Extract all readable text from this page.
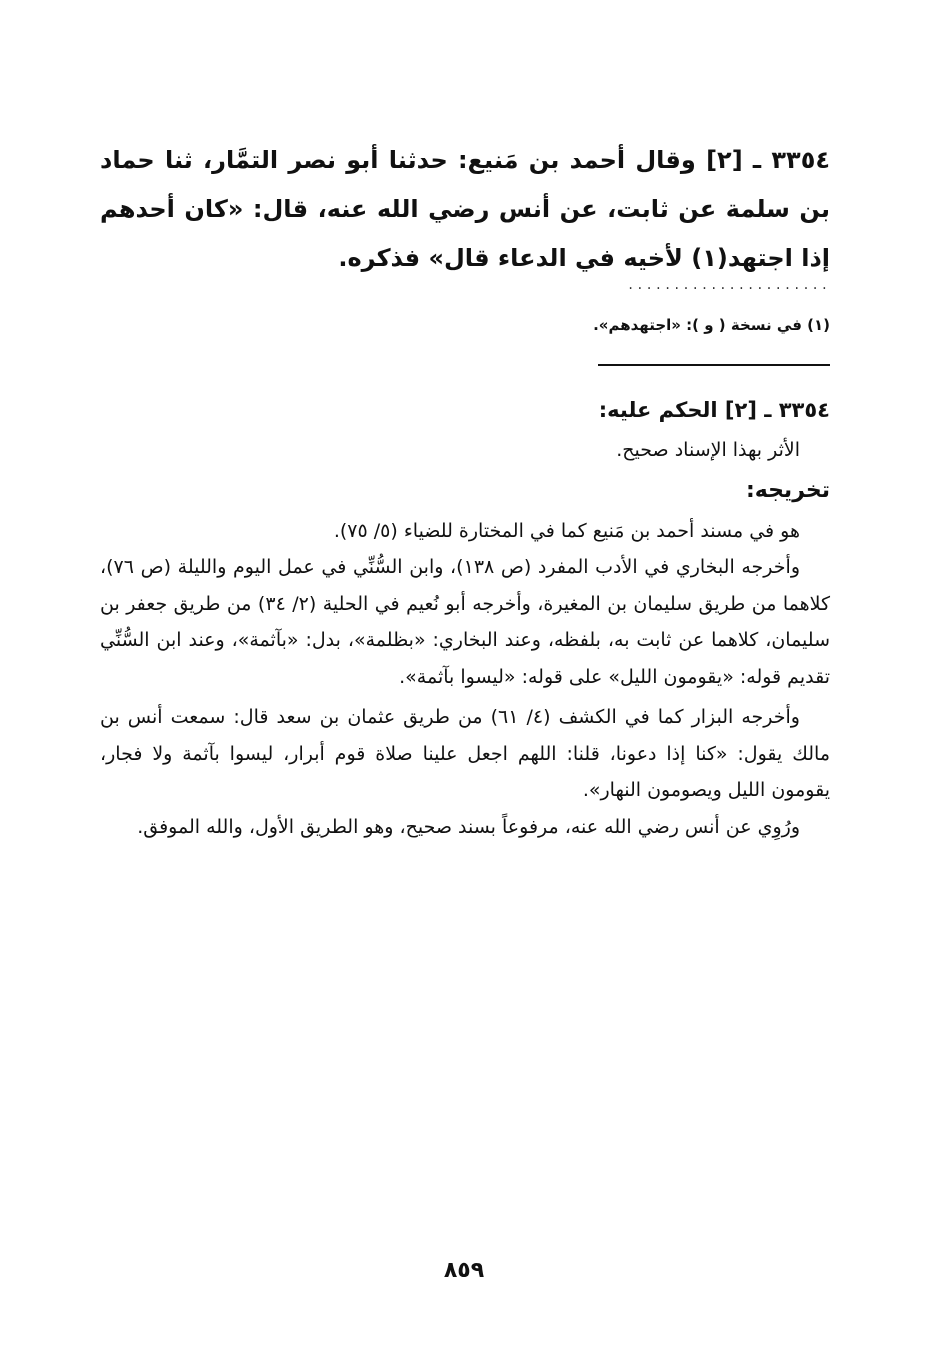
٣٣٥٤ ـ [٢] وقال أحمد بن مَنيع: حدثنا أبو نصر التمَّار، ثنا حماد بن سلمة عن ثابت، عن أنس رضي الله عنه، قال: «كان أحدهم إذا اجتهد(١) لأخيه في الدعاء قال» فذكره.

......................

(١) في نسخة ( و ): «اجتهدهم».

٣٣٥٤ ـ [٢] الحكم عليه:

الأثر بهذا الإسناد صحيح.

تخريجه:

هو في مسند أحمد بن مَنيع كما في المختارة للضياء (٥/ ٧٥).

وأخرجه البخاري في الأدب المفرد (ص ١٣٨)، وابن السُّنِّي في عمل اليوم والليلة (ص ٧٦)، كلاهما من طريق سليمان بن المغيرة، وأخرجه أبو نُعيم في الحلية (٢/ ٣٤) من طريق جعفر بن سليمان، كلاهما عن ثابت به، بلفظه، وعند البخاري: «بظلمة»، بدل: «بآثمة»، وعند ابن السُّنِّي تقديم قوله: «يقومون الليل» على قوله: «ليسوا بآثمة».

وأخرجه البزار كما في الكشف (٤/ ٦١) من طريق عثمان بن سعد قال: سمعت أنس بن مالك يقول: «كنا إذا دعونا، قلنا: اللهم اجعل علينا صلاة قوم أبرار، ليسوا بآثمة ولا فجار، يقومون الليل ويصومون النهار».

ورُوِي عن أنس رضي الله عنه، مرفوعاً بسند صحيح، وهو الطريق الأول، والله الموفق.

٨٥٩
